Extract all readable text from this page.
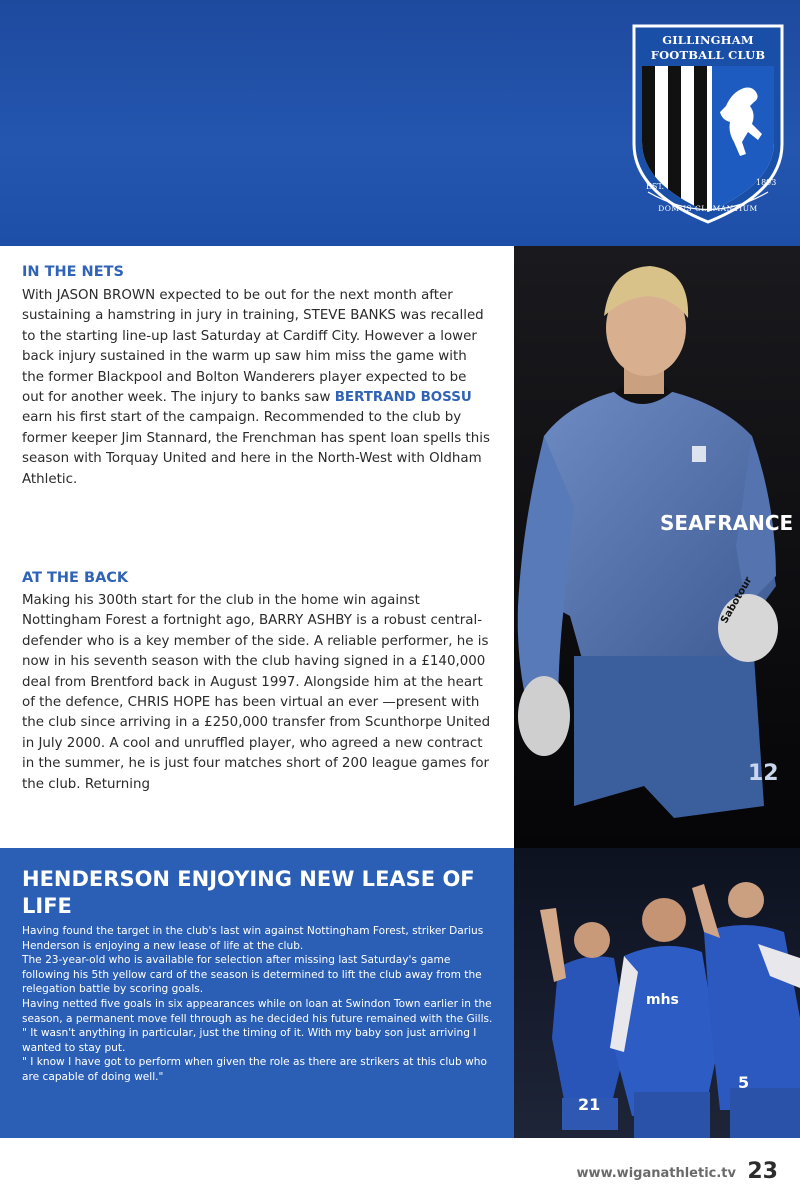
GILLINGHAM
FOOTBALL CLUB
EST.	1893
DOMUS CLAMANTIUM
IN THE NETS
With JASON BROWN expected to be out for the next month after sustaining a hamstring in jury in training, STEVE BANKS was recalled to the starting line-up last Saturday at Cardiff City. However a lower back injury sustained in the warm up saw him miss the game with the former Blackpool and Bolton Wanderers player expected to be out for another week. The injury to banks saw BERTRAND BOSSU earn his first start of the campaign. Recommended to the club by former keeper Jim Stannard, the Frenchman has spent loan spells this season with Torquay United and here in the North-West with Oldham Athletic.
AT THE BACK
Making his 300th start for the club in the home win against Nottingham Forest a fortnight ago, BARRY ASHBY is a robust central-defender who is a key member of the side. A reliable performer, he is now in his seventh season with the club having signed in a £140,000 deal from Brentford back in August 1997. Alongside him at the heart of the defence, CHRIS HOPE has been virtual an ever —present with the club since arriving in a £250,000 transfer from Scunthorpe United in July 2000. A cool and unruffled player, who agreed a new contract in the summer, he is just four matches short of 200 league games for the club. Returning
SEAFRANCE
Sabotour
12
HENDERSON ENJOYING NEW LEASE OF LIFE

Having found the target in the club's last win against Nottingham Forest, striker Darius Henderson is enjoying a new lease of life at the club.

The 23-year-old who is available for selection after missing last Saturday's game following his 5th yellow card of the season is determined to lift the club away from the relegation battle by scoring goals.

Having netted five goals in six appearances while on loan at Swindon Town earlier in the season, a permanent move fell through as he decided his future remained with the Gills.

" It wasn't anything in particular, just the timing of it. With my baby son just arriving I wanted to stay put.

" I know I have got to perform when given the role as there are strikers at this club who are capable of doing well."

mhs
21
5
www.wiganathletic.tv 23
